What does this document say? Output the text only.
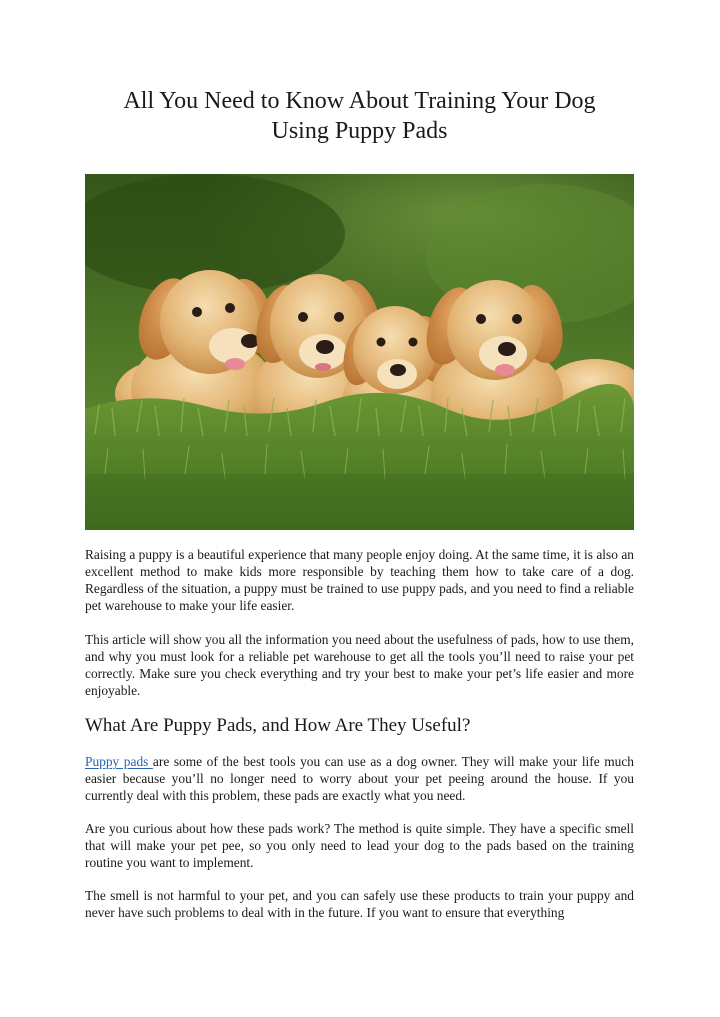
All You Need to Know About Training Your Dog
Using Puppy Pads

Raising a puppy is a beautiful experience that many people enjoy doing. At the same time, it is also an excellent method to make kids more responsible by teaching them how to take care of a dog. Regardless of the situation, a puppy must be trained to use puppy pads, and you need to find a reliable pet warehouse to make your life easier.

This article will show you all the information you need about the usefulness of pads, how to use them, and why you must look for a reliable pet warehouse to get all the tools you’ll need to raise your pet correctly. Make sure you check everything and try your best to make your pet’s life easier and more enjoyable.

What Are Puppy Pads, and How Are They Useful?

Puppy pads are some of the best tools you can use as a dog owner. They will make your life much easier because you’ll no longer need to worry about your pet peeing around the house. If you currently deal with this problem, these pads are exactly what you need.

Are you curious about how these pads work? The method is quite simple. They have a specific smell that will make your pet pee, so you only need to lead your dog to the pads based on the training routine you want to implement.

The smell is not harmful to your pet, and you can safely use these products to train your puppy and never have such problems to deal with in the future. If you want to ensure that everything
